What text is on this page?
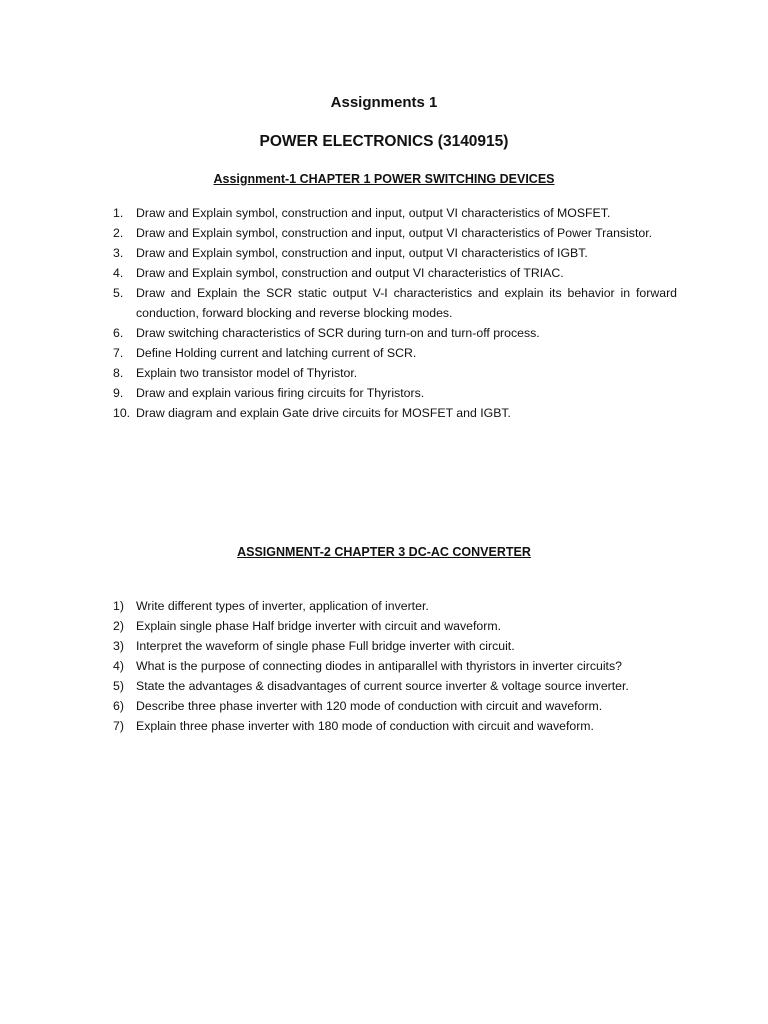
Assignments 1
POWER ELECTRONICS (3140915)
Assignment-1 CHAPTER 1 POWER SWITCHING DEVICES
1. Draw and Explain symbol, construction and input, output VI characteristics of MOSFET.
2. Draw and Explain symbol, construction and input, output VI characteristics of Power Transistor.
3. Draw and Explain symbol, construction and input, output VI characteristics of IGBT.
4. Draw and Explain symbol, construction and output VI characteristics of TRIAC.
5. Draw and Explain the SCR static output V-I characteristics and explain its behavior in forward conduction, forward blocking and reverse blocking modes.
6. Draw switching characteristics of SCR during turn-on and turn-off process.
7. Define Holding current and latching current of SCR.
8. Explain two transistor model of Thyristor.
9. Draw and explain various firing circuits for Thyristors.
10. Draw diagram and explain Gate drive circuits for MOSFET and IGBT.
ASSIGNMENT-2 CHAPTER 3 DC-AC CONVERTER
1) Write different types of inverter, application of inverter.
2) Explain single phase Half bridge inverter with circuit and waveform.
3) Interpret the waveform of single phase Full bridge inverter with circuit.
4) What is the purpose of connecting diodes in antiparallel with thyristors in inverter circuits?
5) State the advantages & disadvantages of current source inverter & voltage source inverter.
6) Describe three phase inverter with 120 mode of conduction with circuit and waveform.
7) Explain three phase inverter with 180 mode of conduction with circuit and waveform.
